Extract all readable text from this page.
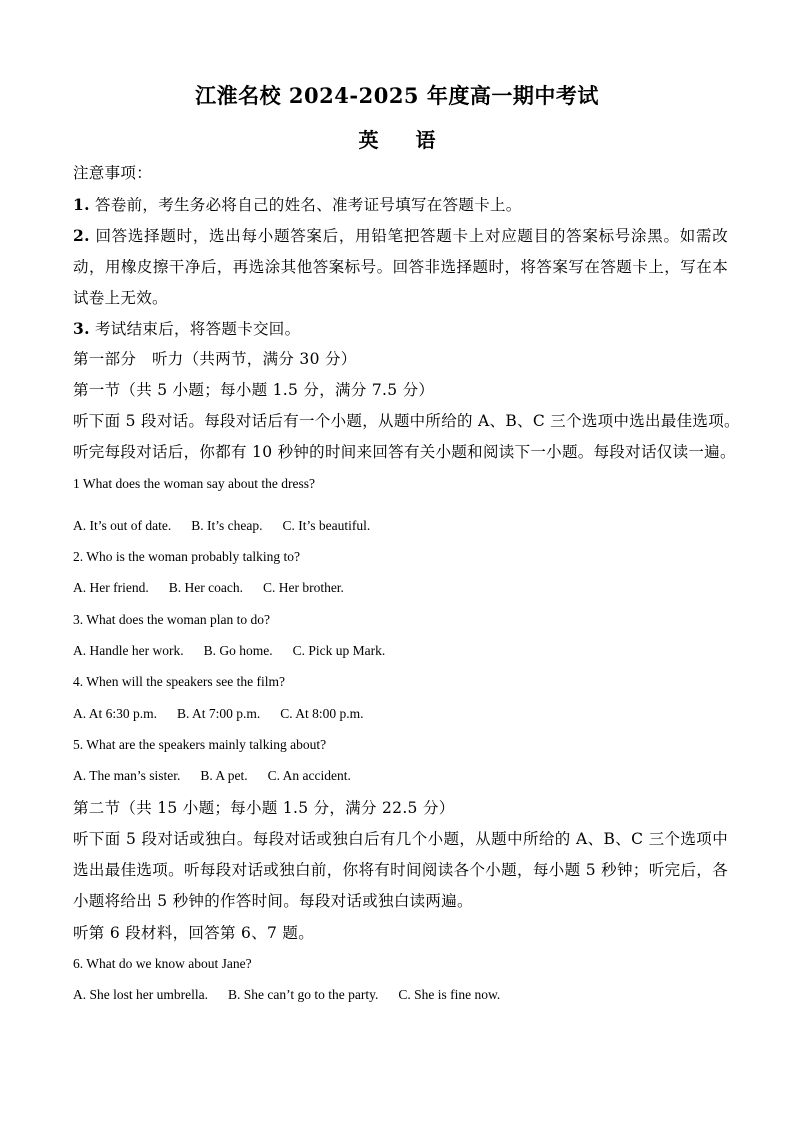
江淮名校 2024-2025 年度高一期中考试
英 语
注意事项：
1. 答卷前，考生务必将自己的姓名、准考证号填写在答题卡上。
2. 回答选择题时，选出每小题答案后，用铅笔把答题卡上对应题目的答案标号涂黑。如需改动，用橡皮擦干净后，再选涂其他答案标号。回答非选择题时，将答案写在答题卡上，写在本试卷上无效。
3. 考试结束后，将答题卡交回。
第一部分　听力（共两节，满分 30 分）
第一节（共 5 小题；每小题 1.5 分，满分 7.5 分）
听下面 5 段对话。每段对话后有一个小题，从题中所给的 A、B、C 三个选项中选出最佳选项。
听完每段对话后，你都有 10 秒钟的时间来回答有关小题和阅读下一小题。每段对话仅读一遍。
1 What does the woman say about the dress?
A. It’s out of date. B. It’s cheap. C. It’s beautiful.
2. Who is the woman probably talking to?
A. Her friend. B. Her coach. C. Her brother.
3. What does the woman plan to do?
A. Handle her work. B. Go home. C. Pick up Mark.
4. When will the speakers see the film?
A. At 6:30 p.m. B. At 7:00 p.m. C. At 8:00 p.m.
5. What are the speakers mainly talking about?
A. The man’s sister. B. A pet. C. An accident.
第二节（共 15 小题；每小题 1.5 分，满分 22.5 分）
听下面 5 段对话或独白。每段对话或独白后有几个小题，从题中所给的 A、B、C 三个选项中选出最佳选项。听每段对话或独白前，你将有时间阅读各个小题，每小题 5 秒钟；听完后，各小题将给出 5 秒钟的作答时间。每段对话或独白读两遍。
听第 6 段材料，回答第 6、7 题。
6. What do we know about Jane?
A. She lost her umbrella. B. She can’t go to the party. C. She is fine now.
